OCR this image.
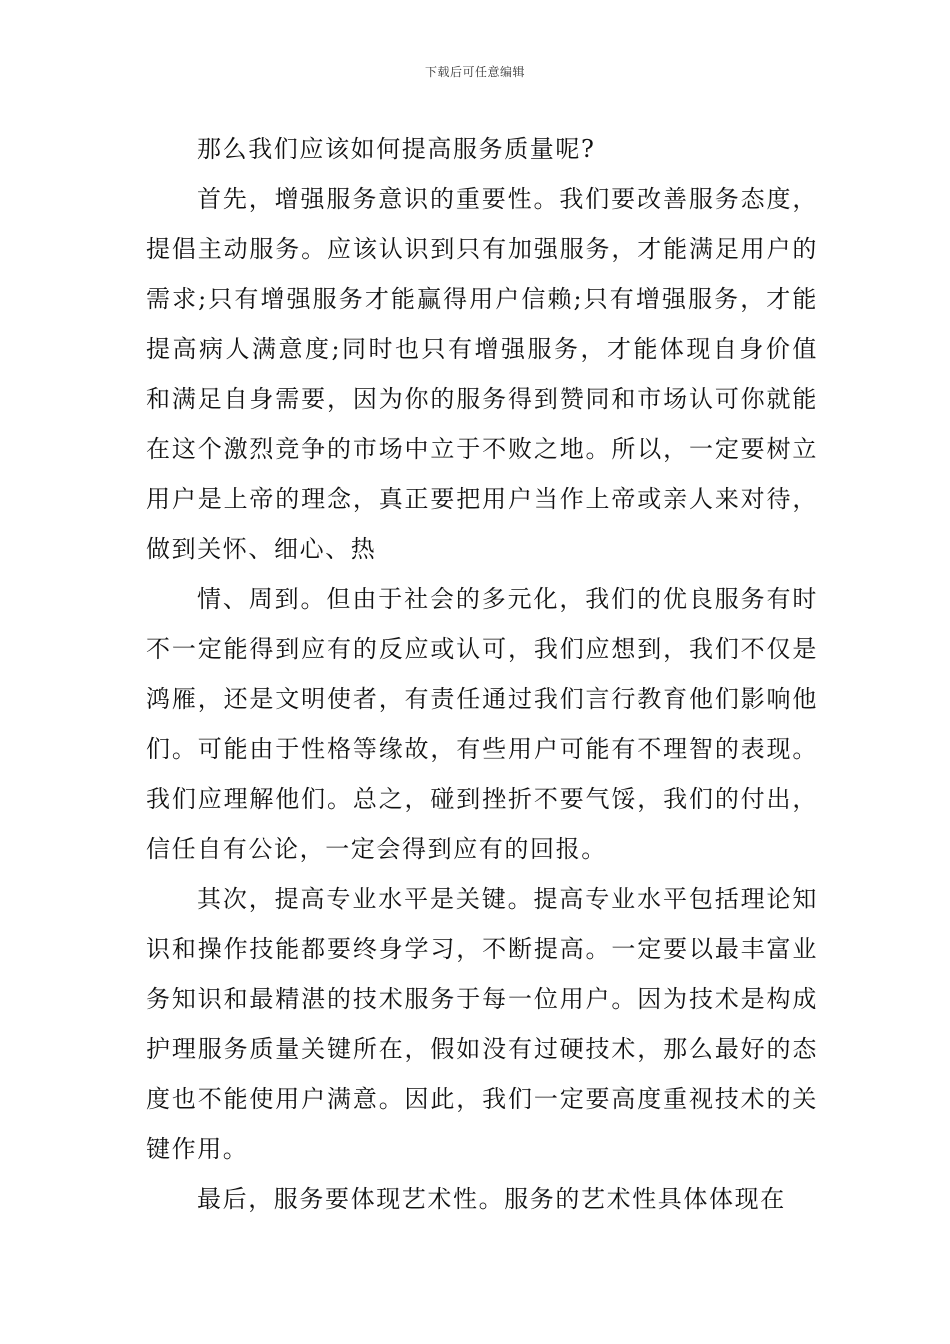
下载后可任意编辑

那么我们应该如何提高服务质量呢?

首先，增强服务意识的重要性。我们要改善服务态度，提倡主动服务。应该认识到只有加强服务，才能满足用户的需求;只有增强服务才能赢得用户信赖;只有增强服务，才能提高病人满意度;同时也只有增强服务，才能体现自身价值和满足自身需要，因为你的服务得到赞同和市场认可你就能在这个激烈竞争的市场中立于不败之地。所以，一定要树立用户是上帝的理念，真正要把用户当作上帝或亲人来对待，做到关怀、细心、热

情、周到。但由于社会的多元化，我们的优良服务有时不一定能得到应有的反应或认可，我们应想到，我们不仅是鸿雁，还是文明使者，有责任通过我们言行教育他们影响他们。可能由于性格等缘故，有些用户可能有不理智的表现。我们应理解他们。总之，碰到挫折不要气馁，我们的付出，信任自有公论，一定会得到应有的回报。

其次，提高专业水平是关键。提高专业水平包括理论知识和操作技能都要终身学习，不断提高。一定要以最丰富业务知识和最精湛的技术服务于每一位用户。因为技术是构成护理服务质量关键所在，假如没有过硬技术，那么最好的态度也不能使用户满意。因此，我们一定要高度重视技术的关键作用。

最后，服务要体现艺术性。服务的艺术性具体体现在
